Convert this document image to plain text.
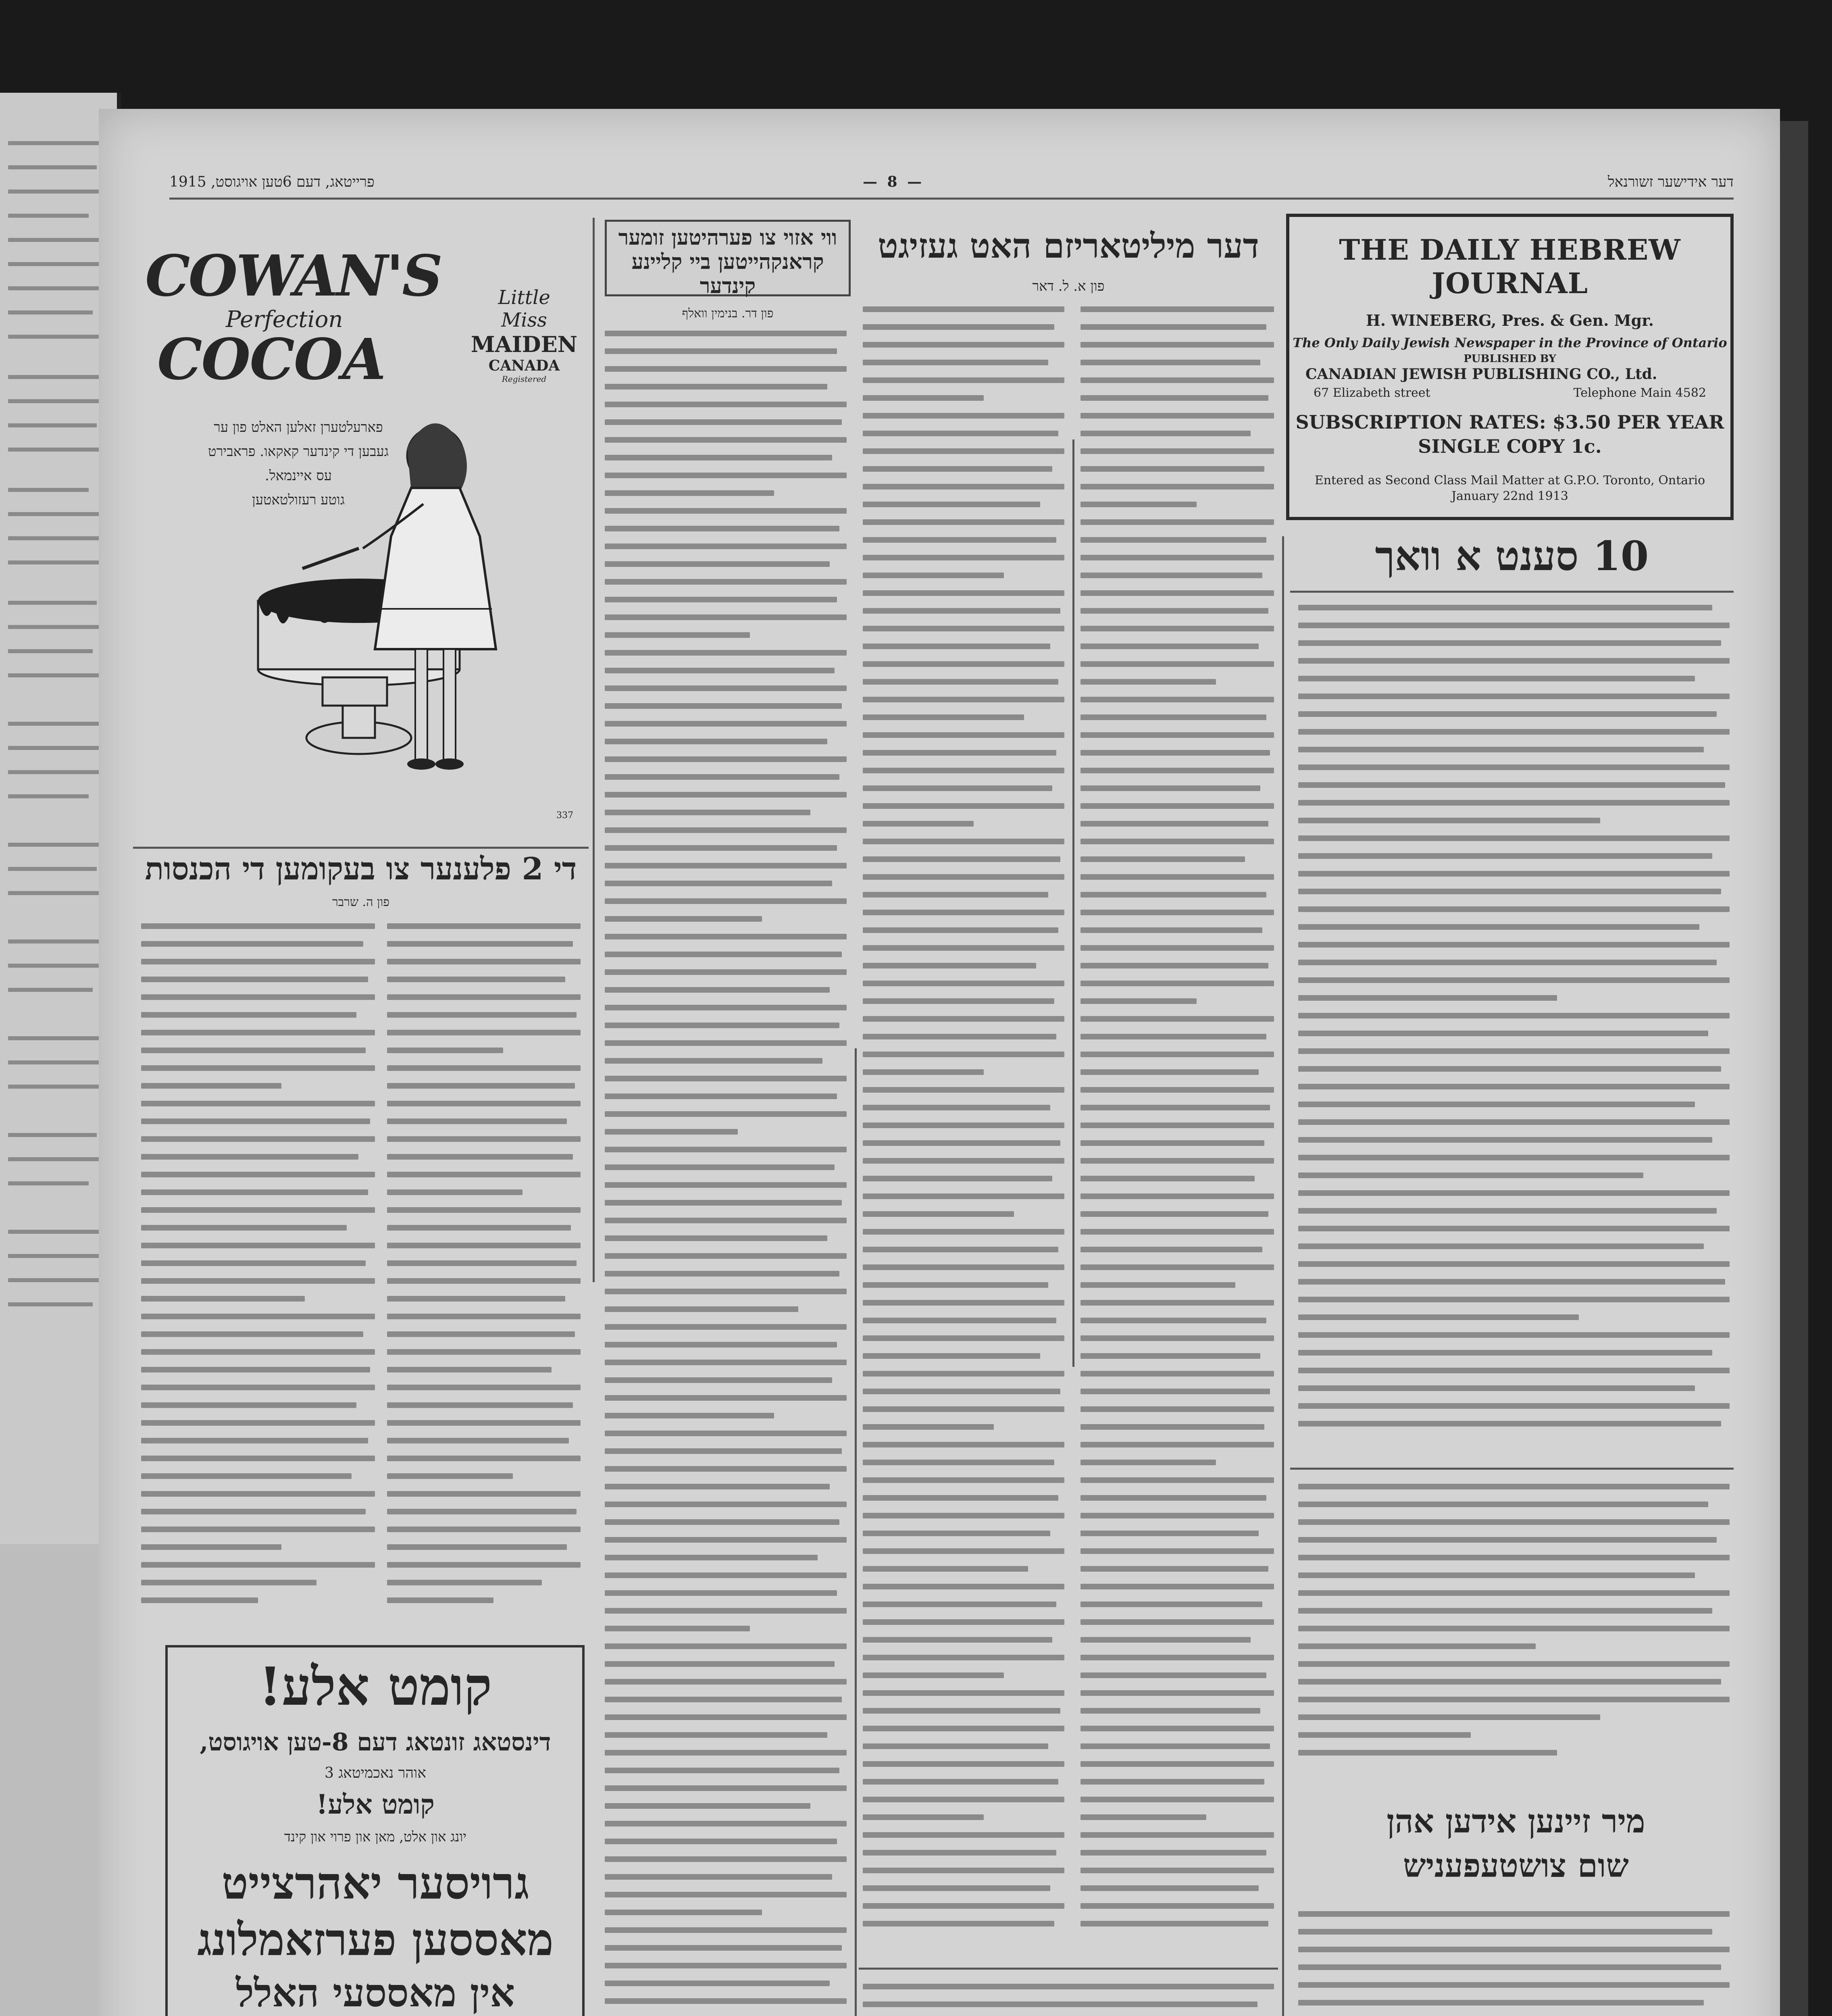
פרייטאג, דעם 6טען אויגוסט, 1915	— 8 —	דער אידישער זשורנאל
THE DAILY HEBREW JOURNAL
H. WINEBERG, Pres. & Gen. Mgr.
The Only Daily Jewish Newspaper in the Province of Ontario
PUBLISHED BY
CANADIAN JEWISH PUBLISHING CO., Ltd.
67 Elizabeth street	Telephone Main 4582
SUBSCRIPTION RATES: $3.50 PER YEAR
SINGLE COPY 1c.
Entered as Second Class Mail Matter at G.P.O. Toronto, Ontario
January 22nd 1913
10 סענט א וואך
מיר זיינען אידען אהן
שום צושטעפעניש
דער מיליטאריזם האט געזיגט
פון א. ל. דאר
ווי אזוי צו פערהיטען זומער קראנקהייטען ביי קליינע קינדער
פון דר. בנימין וואלף
COWAN'S
Perfection
COCOA
Little
Miss
MAIDEN
CANADA
Registered
פארעלטערן זאלען האלט פון ער
געבען די קינדער קאקאו. פראבירט
עס איינמאל.
גוטע רעזולטאטען
337
די 2 פלענער צו בעקומען די הכנסות
פון ה. שרבר
קומט אלע!
דינסטאג זונטאג דעם 8-טען אויגוסט,
3 אוהר נאכמיטאג
קומט אלע!
יונג און אלט, מאן און פרוי און קינד
גרויסער יאהרצייט
מאססען פערזאמלונג
אין מאססעי האלל
